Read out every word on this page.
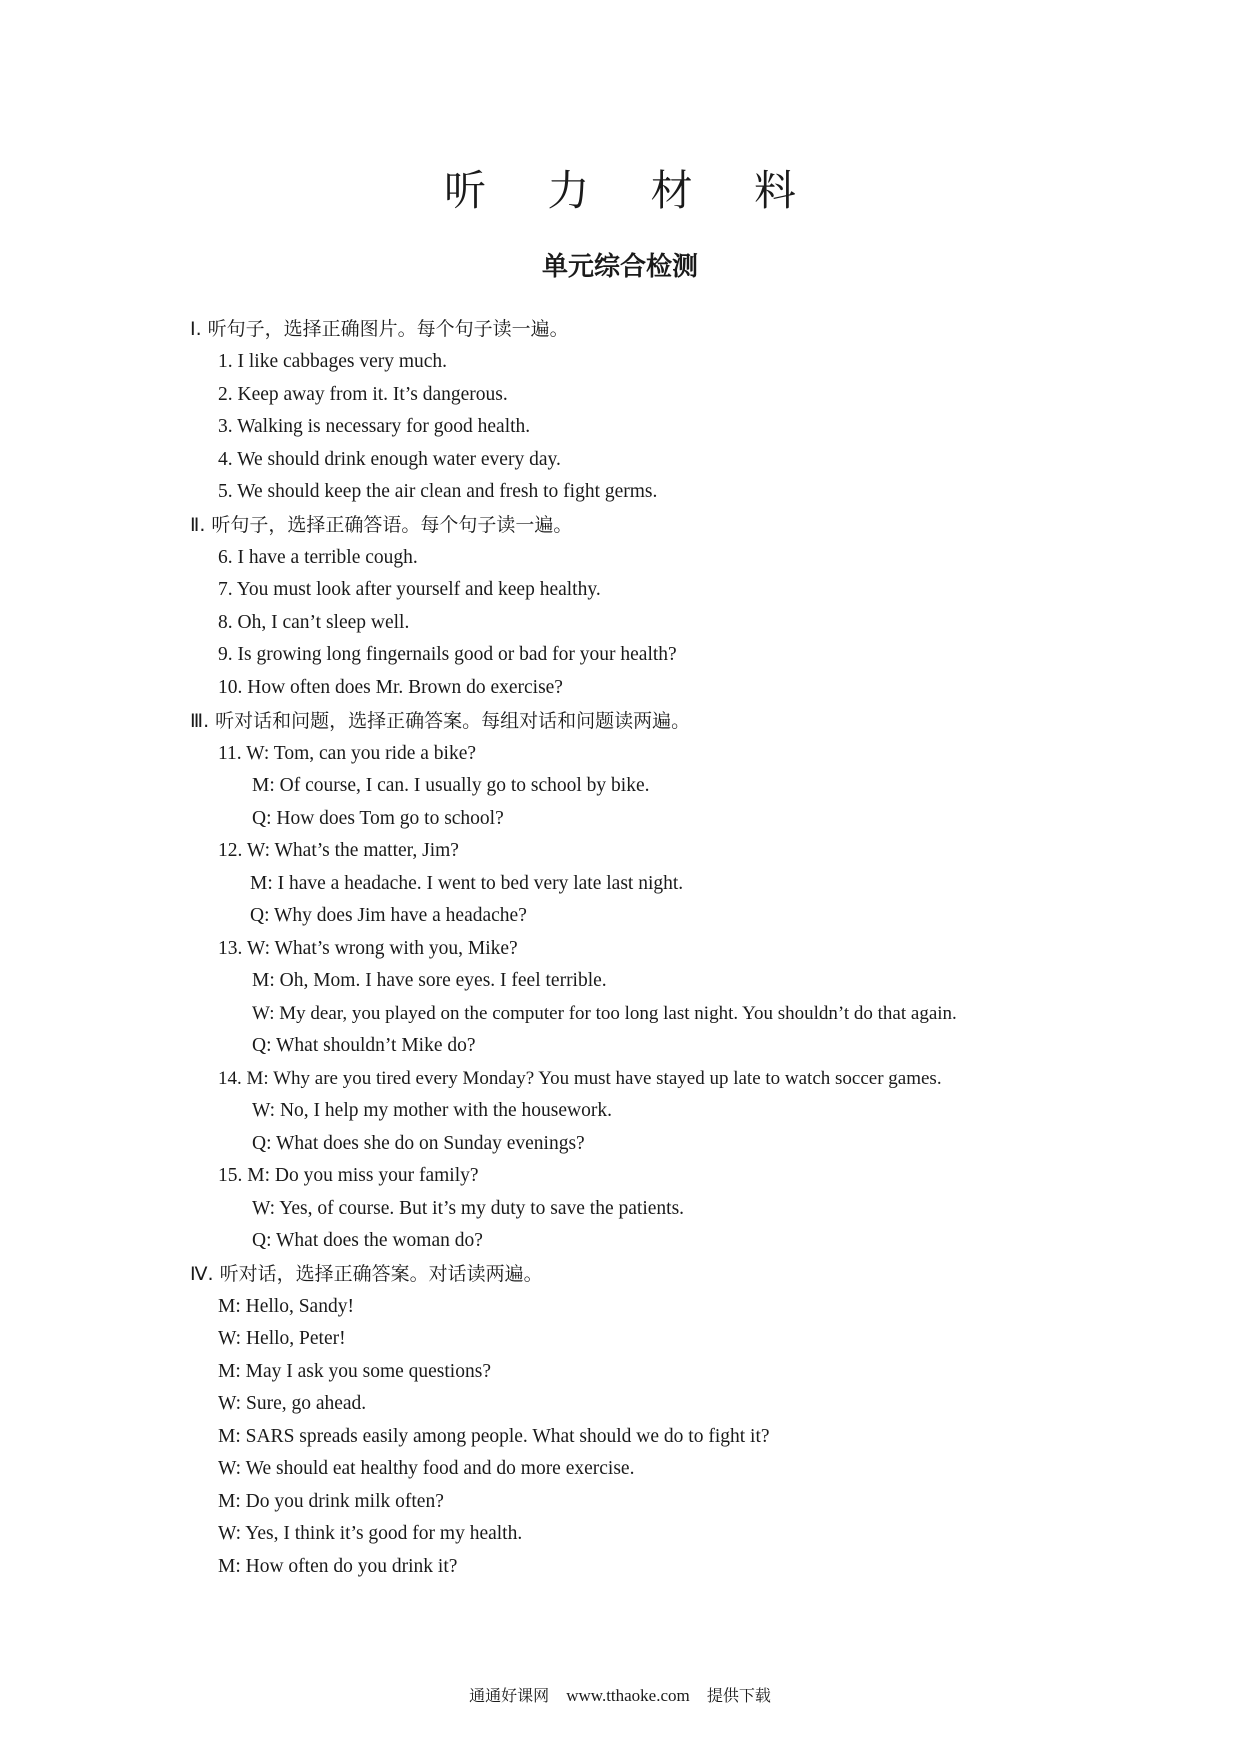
听 力 材 料
单元综合检测
Ⅰ. 听句子，选择正确图片。每个句子读一遍。
1. I like cabbages very much.
2. Keep away from it. It’s dangerous.
3. Walking is necessary for good health.
4. We should drink enough water every day.
5. We should keep the air clean and fresh to fight germs.
Ⅱ. 听句子，选择正确答语。每个句子读一遍。
6. I have a terrible cough.
7. You must look after yourself and keep healthy.
8. Oh, I can’t sleep well.
9. Is growing long fingernails good or bad for your health?
10. How often does Mr. Brown do exercise?
Ⅲ. 听对话和问题，选择正确答案。每组对话和问题读两遍。
11. W: Tom, can you ride a bike?
M: Of course, I can. I usually go to school by bike.
Q: How does Tom go to school?
12. W: What’s the matter, Jim?
M: I have a headache. I went to bed very late last night.
Q: Why does Jim have a headache?
13. W: What’s wrong with you, Mike?
M: Oh, Mom. I have sore eyes. I feel terrible.
W: My dear, you played on the computer for too long last night. You shouldn’t do that again.
Q: What shouldn’t Mike do?
14. M: Why are you tired every Monday? You must have stayed up late to watch soccer games.
W: No, I help my mother with the housework.
Q: What does she do on Sunday evenings?
15. M: Do you miss your family?
W: Yes, of course. But it’s my duty to save the patients.
Q: What does the woman do?
Ⅳ. 听对话，选择正确答案。对话读两遍。
M: Hello, Sandy!
W: Hello, Peter!
M: May I ask you some questions?
W: Sure, go ahead.
M: SARS spreads easily among people. What should we do to fight it?
W: We should eat healthy food and do more exercise.
M: Do you drink milk often?
W: Yes, I think it’s good for my health.
M: How often do you drink it?
通通好课网 www.tthaoke.com 提供下载
